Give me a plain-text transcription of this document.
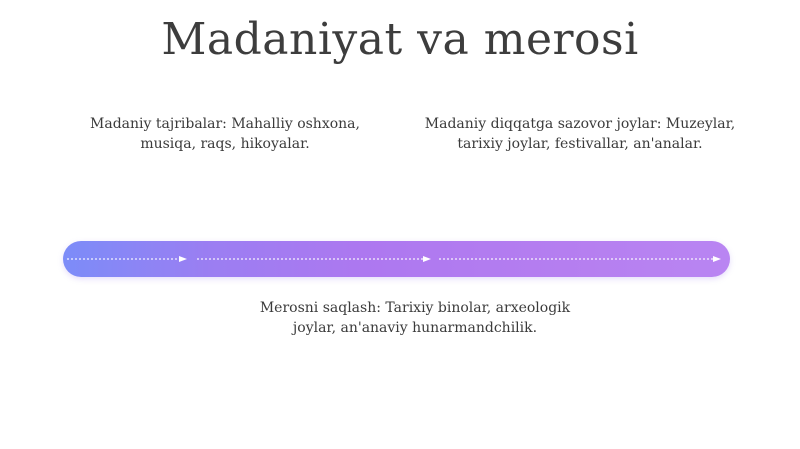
Madaniyat va merosi
Madaniy tajribalar: Mahalliy oshxona, musiqa, raqs, hikoyalar.
Madaniy diqqatga sazovor joylar: Muzeylar, tarixiy joylar, festivallar, an'analar.
Merosni saqlash: Tarixiy binolar, arxeologik joylar, an'anaviy hunarmandchilik.
